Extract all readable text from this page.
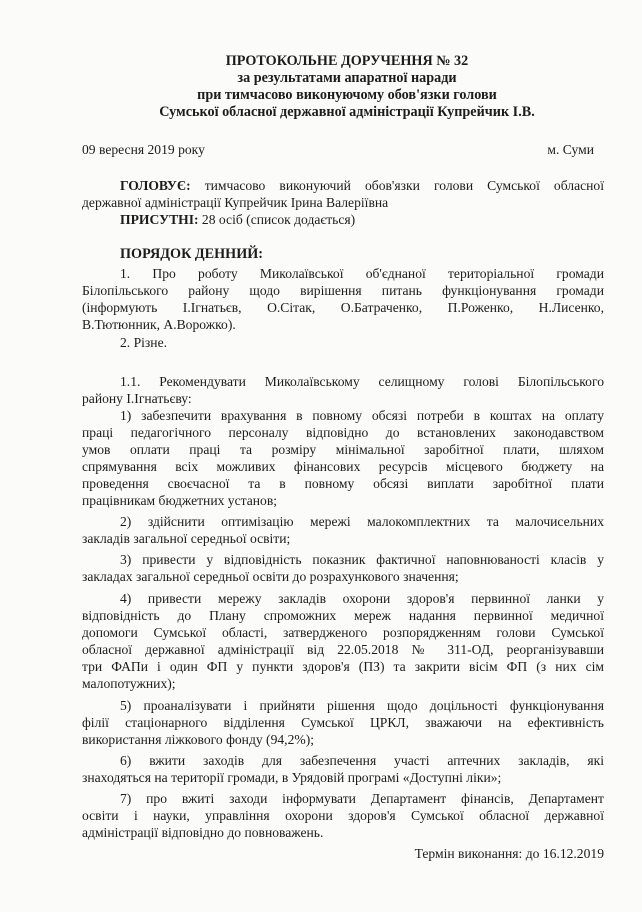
ПРОТОКОЛЬНЕ ДОРУЧЕННЯ № 32
за результатами апаратної наради
при тимчасово виконуючому обов'язки голови
Сумської обласної державної адміністрації Купрейчик І.В.
09 вересня 2019 року	м. Суми
ГОЛОВУЄ: тимчасово виконуючий обов'язки голови Сумської обласної
державної адміністрації Купрейчик Ірина Валеріївна
ПРИСУТНІ: 28 осіб (список додається)
ПОРЯДОК ДЕННИЙ:
1. Про роботу Миколаївської об'єднаної територіальної громади
Білопільського району щодо вирішення питань функціонування громади
(інформують І.Ігнатьєв, О.Сітак, О.Батраченко, П.Роженко, Н.Лисенко,
В.Тютюнник, А.Ворожко).
2. Різне.
1.1. Рекомендувати Миколаївському селищному голові Білопільського
району І.Ігнатьєву:
1) забезпечити врахування в повному обсязі потреби в коштах на оплату
праці педагогічного персоналу відповідно до встановлених законодавством
умов оплати праці та розміру мінімальної заробітної плати, шляхом
спрямування всіх можливих фінансових ресурсів місцевого бюджету на
проведення своєчасної та в повному обсязі виплати заробітної плати
працівникам бюджетних установ;
2) здійснити оптимізацію мережі малокомплектних та малочисельних
закладів загальної середньої освіти;
3) привести у відповідність показник фактичної наповнюваності класів у
закладах загальної середньої освіти до розрахункового значення;
4) привести мережу закладів охорони здоров'я первинної ланки у
відповідність до Плану спроможних мереж надання первинної медичної
допомоги Сумської області, затвердженого розпорядженням голови Сумської
обласної державної адміністрації від 22.05.2018 № 311-ОД, реорганізувавши
три ФАПи і один ФП у пункти здоров'я (ПЗ) та закрити вісім ФП (з них сім
малопотужних);
5) проаналізувати і прийняти рішення щодо доцільності функціонування
філії стаціонарного відділення Сумської ЦРКЛ, зважаючи на ефективність
використання ліжкового фонду (94,2%);
6) вжити заходів для забезпечення участі аптечних закладів, які
знаходяться на території громади, в Урядовій програмі «Доступні ліки»;
7) про вжиті заходи інформувати Департамент фінансів, Департамент
освіти і науки, управління охорони здоров'я Сумської обласної державної
адміністрації відповідно до повноважень.
Термін виконання: до 16.12.2019
